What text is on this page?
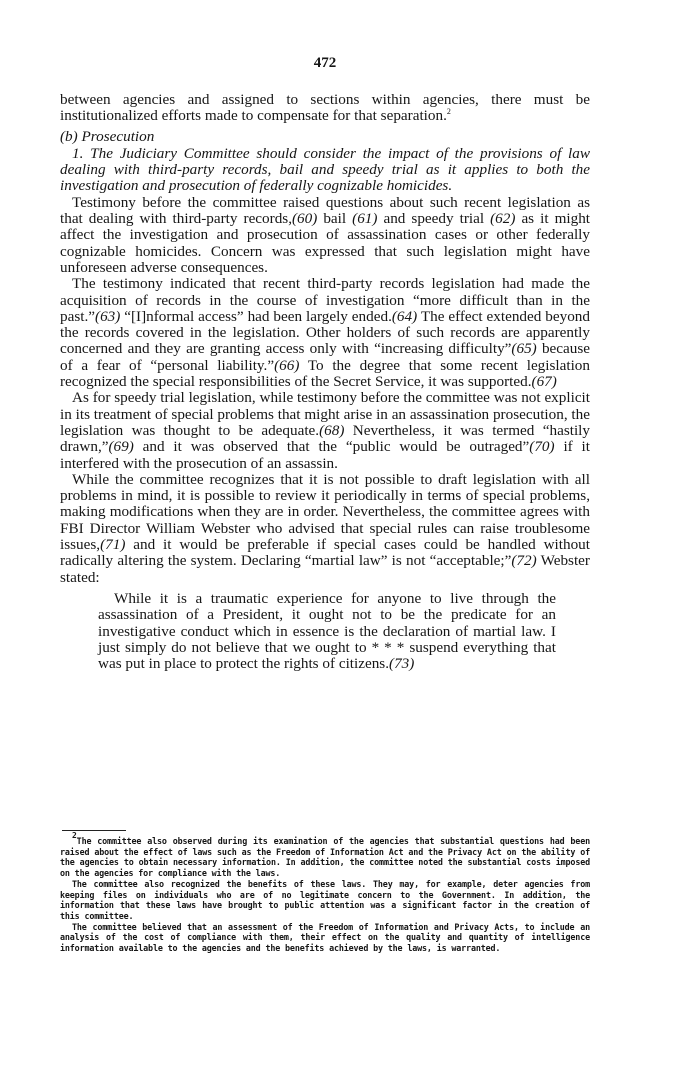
472

between agencies and assigned to sections within agencies, there must be institutionalized efforts made to compensate for that separation.$^2$

(b) Prosecution

1. The Judiciary Committee should consider the impact of the provisions of law dealing with third-party records, bail and speedy trial as it applies to both the investigation and prosecution of federally cognizable homicides.

Testimony before the committee raised questions about such recent legislation as that dealing with third-party records,(60) bail (61) and speedy trial (62) as it might affect the investigation and prosecution of assassination cases or other federally cognizable homicides. Concern was expressed that such legislation might have unforeseen adverse consequences.

The testimony indicated that recent third-party records legislation had made the acquisition of records in the course of investigation “more difficult than in the past.”(63) “[I]nformal access” had been largely ended.(64) The effect extended beyond the records covered in the legislation. Other holders of such records are apparently concerned and they are granting access only with “increasing difficulty”(65) because of a fear of “personal liability.”(66) To the degree that some recent legislation recognized the special responsibilities of the Secret Service, it was supported.(67)

As for speedy trial legislation, while testimony before the committee was not explicit in its treatment of special problems that might arise in an assassination prosecution, the legislation was thought to be adequate.(68) Nevertheless, it was termed “hastily drawn,”(69) and it was observed that the “public would be outraged”(70) if it interfered with the prosecution of an assassin.

While the committee recognizes that it is not possible to draft legislation with all problems in mind, it is possible to review it periodically in terms of special problems, making modifications when they are in order. Nevertheless, the committee agrees with FBI Director William Webster who advised that special rules can raise troublesome issues,(71) and it would be preferable if special cases could be handled without radically altering the system. Declaring “martial law” is not “acceptable;”(72) Webster stated:

While it is a traumatic experience for anyone to live through the assassination of a President, it ought not to be the predicate for an investigative conduct which in essence is the declaration of martial law. I just simply do not believe that we ought to * * * suspend everything that was put in place to protect the rights of citizens.(73)

$^2$The committee also observed during its examination of the agencies that substantial questions had been raised about the effect of laws such as the Freedom of Information Act and the Privacy Act on the ability of the agencies to obtain necessary information. In addition, the committee noted the substantial costs imposed on the agencies for compliance with the laws.

The committee also recognized the benefits of these laws. They may, for example, deter agencies from keeping files on individuals who are of no legitimate concern to the Government. In addition, the information that these laws have brought to public attention was a significant factor in the creation of this committee.

The committee believed that an assessment of the Freedom of Information and Privacy Acts, to include an analysis of the cost of compliance with them, their effect on the quality and quantity of intelligence information available to the agencies and the benefits achieved by the laws, is warranted.
